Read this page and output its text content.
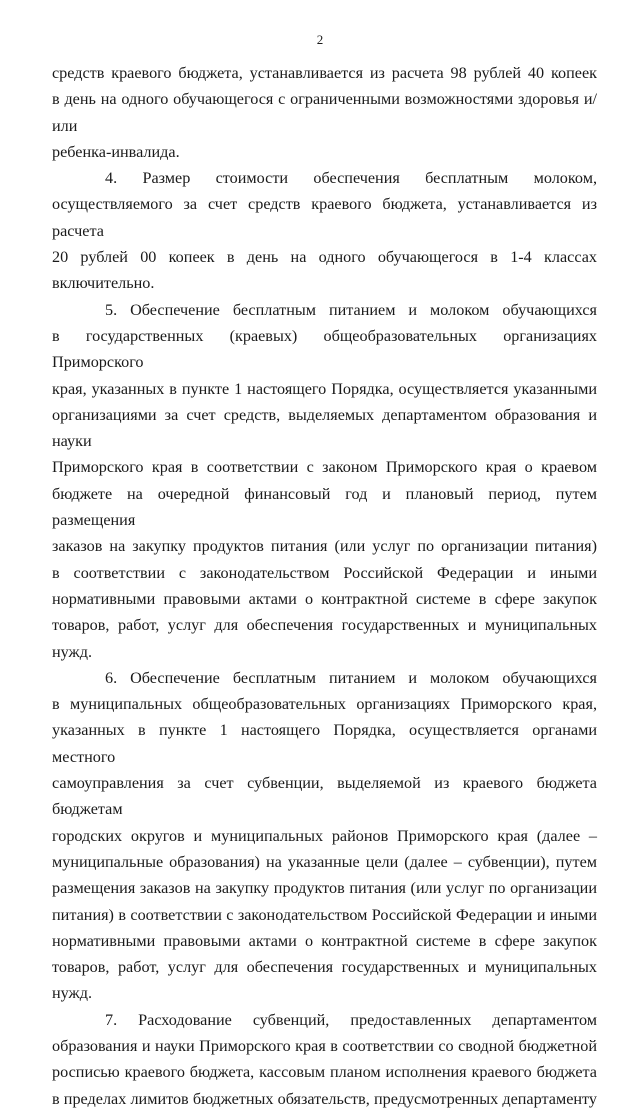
2

средств краевого бюджета, устанавливается из расчета 98 рублей 40 копеек

в день на одного обучающегося с ограниченными возможностями здоровья и/или

ребенка-инвалида.

4. Размер стоимости обеспечения бесплатным молоком,

осуществляемого за счет средств краевого бюджета, устанавливается из расчета

20 рублей 00 копеек в день на одного обучающегося в 1-4 классах включительно.

5. Обеспечение бесплатным питанием и молоком обучающихся

в государственных (краевых) общеобразовательных организациях Приморского

края, указанных в пункте 1 настоящего Порядка, осуществляется указанными

организациями за счет средств, выделяемых департаментом образования и науки

Приморского края в соответствии с законом Приморского края о краевом

бюджете на очередной финансовый год и плановый период, путем размещения

заказов на закупку продуктов питания (или услуг по организации питания)

в соответствии с законодательством Российской Федерации и иными

нормативными правовыми актами о контрактной системе в сфере закупок

товаров, работ, услуг для обеспечения государственных и муниципальных нужд.

6. Обеспечение бесплатным питанием и молоком обучающихся

в муниципальных общеобразовательных организациях Приморского края,

указанных в пункте 1 настоящего Порядка, осуществляется органами местного

самоуправления за счет субвенции, выделяемой из краевого бюджета бюджетам

городских округов и муниципальных районов Приморского края (далее –

муниципальные образования) на указанные цели (далее – субвенции), путем

размещения заказов на закупку продуктов питания (или услуг по организации

питания) в соответствии с законодательством Российской Федерации и иными

нормативными правовыми актами о контрактной системе в сфере закупок

товаров, работ, услуг для обеспечения государственных и муниципальных нужд.

7. Расходование субвенций, предоставленных департаментом

образования и науки Приморского края в соответствии со сводной бюджетной

росписью краевого бюджета, кассовым планом исполнения краевого бюджета

в пределах лимитов бюджетных обязательств, предусмотренных департаменту
